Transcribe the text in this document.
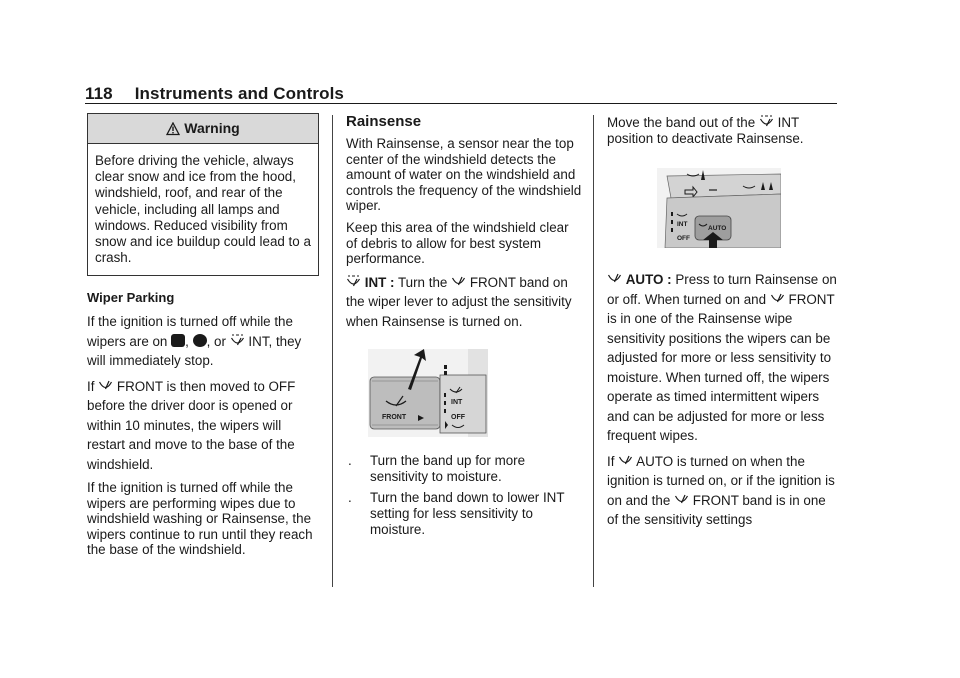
118 Instruments and Controls
Warning
Before driving the vehicle, always clear snow and ice from the hood, windshield, roof, and rear of the vehicle, including all lamps and windows. Reduced visibility from snow and ice buildup could lead to a crash.

Wiper Parking

If the ignition is turned off while the wipers are on , , or INT, they will immediately stop.

If FRONT is then moved to OFF before the driver door is opened or within 10 minutes, the wipers will restart and move to the base of the windshield.

If the ignition is turned off while the wipers are performing wipes due to windshield washing or Rainsense, the wipers continue to run until they reach the base of the windshield.

Rainsense

With Rainsense, a sensor near the top center of the windshield detects the amount of water on the windshield and controls the frequency of the windshield wiper.

Keep this area of the windshield clear of debris to allow for best system performance.

INT : Turn the FRONT band on the wiper lever to adjust the sensitivity when Rainsense is turned on.

FRONT
INT
OFF
.	Turn the band up for more sensitivity to moisture.
.	Turn the band down to lower INT setting for less sensitivity to moisture.

Move the band out of the INT position to deactivate Rainsense.

INT
OFF
AUTO

AUTO : Press to turn Rainsense on or off. When turned on and FRONT is in one of the Rainsense wipe sensitivity positions the wipers can be adjusted for more or less sensitivity to moisture. When turned off, the wipers operate as timed intermittent wipers and can be adjusted for more or less frequent wipes.

If AUTO is turned on when the ignition is turned on, or if the ignition is on and the FRONT band is in one of the sensitivity settings
